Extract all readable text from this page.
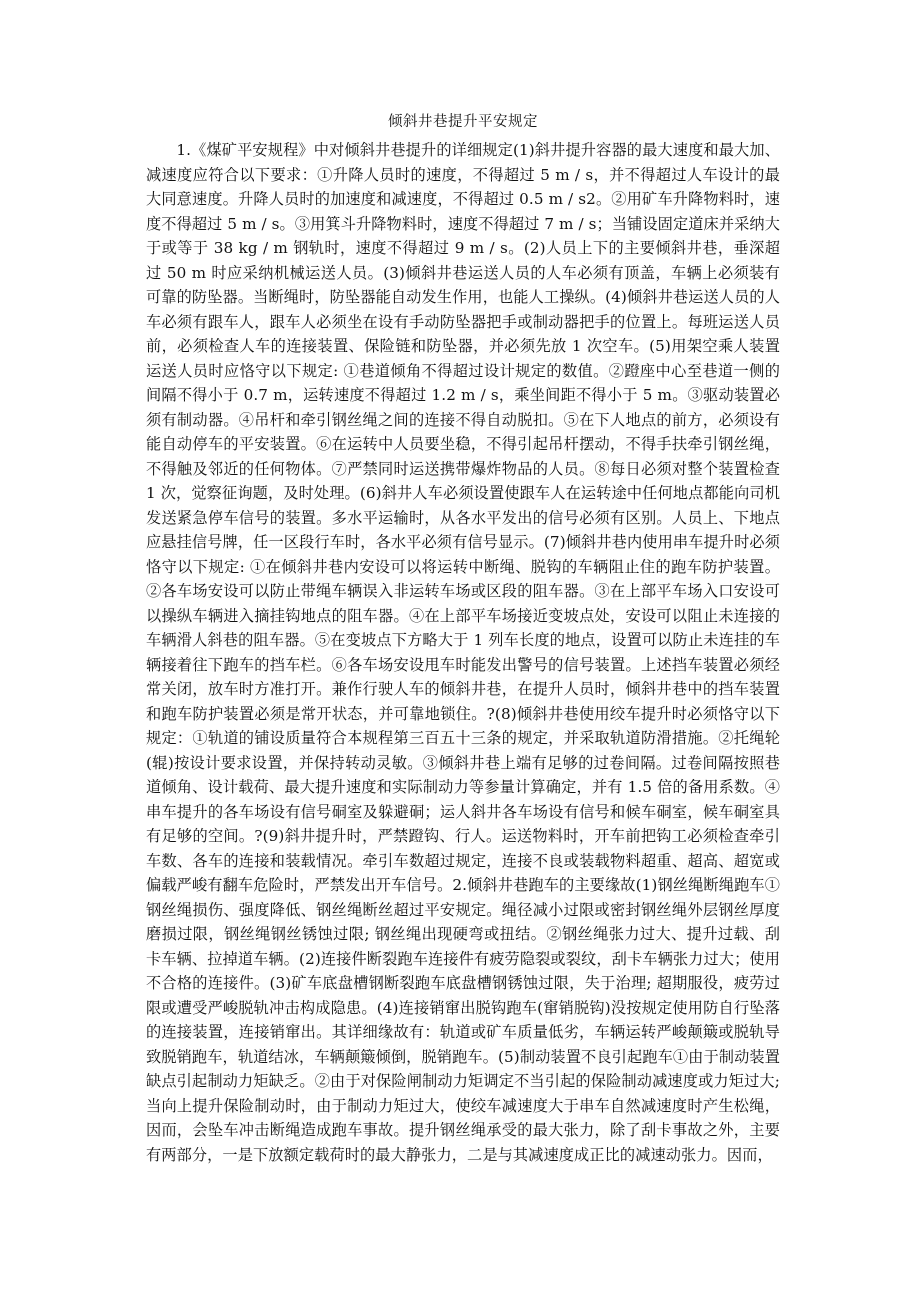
倾斜井巷提升平安规定

1.《煤矿平安规程》中对倾斜井巷提升的详细规定(1)斜井提升容器的最大速度和最大加、减速度应符合以下要求：①升降人员时的速度，不得超过 5 m / s，并不得超过人车设计的最大同意速度。升降人员时的加速度和减速度，不得超过 0.5 m / s2。②用矿车升降物料时，速度不得超过 5 m / s。③用箕斗升降物料时，速度不得超过 7 m / s；当铺设固定道床并采纳大于或等于 38 kg / m 钢轨时，速度不得超过 9 m / s。(2)人员上下的主要倾斜井巷，垂深超过 50 m 时应采纳机械运送人员。(3)倾斜井巷运送人员的人车必须有顶盖，车辆上必须装有可靠的防坠器。当断绳时，防坠器能自动发生作用，也能人工操纵。(4)倾斜井巷运送人员的人车必须有跟车人，跟车人必须坐在设有手动防坠器把手或制动器把手的位置上。每班运送人员前，必须检查人车的连接装置、保险链和防坠器，并必须先放 1 次空车。(5)用架空乘人装置运送人员时应恪守以下规定: ①巷道倾角不得超过设计规定的数值。②蹬座中心至巷道一侧的间隔不得小于 0.7 m，运转速度不得超过 1.2 m / s，乘坐间距不得小于 5 m。③驱动装置必须有制动器。④吊杆和牵引钢丝绳之间的连接不得自动脱扣。⑤在下人地点的前方，必须设有能自动停车的平安装置。⑥在运转中人员要坐稳，不得引起吊杆摆动，不得手扶牵引钢丝绳，不得触及邻近的任何物体。⑦严禁同时运送携带爆炸物品的人员。⑧每日必须对整个装置检查 1 次，觉察征询题，及时处理。(6)斜井人车必须设置使跟车人在运转途中任何地点都能向司机发送紧急停车信号的装置。多水平运输时，从各水平发出的信号必须有区别。人员上、下地点应悬挂信号牌，任一区段行车时，各水平必须有信号显示。(7)倾斜井巷内使用串车提升时必须恪守以下规定: ①在倾斜井巷内安设可以将运转中断绳、脱钩的车辆阻止住的跑车防护装置。②各车场安设可以防止带绳车辆误入非运转车场或区段的阻车器。③在上部平车场入口安设可以操纵车辆进入摘挂钩地点的阻车器。④在上部平车场接近变坡点处，安设可以阻止未连接的车辆滑人斜巷的阻车器。⑤在变坡点下方略大于 1 列车长度的地点，设置可以防止未连挂的车辆接着往下跑车的挡车栏。⑥各车场安设甩车时能发出警号的信号装置。上述挡车装置必须经常关闭，放车时方准打开。兼作行驶人车的倾斜井巷，在提升人员时，倾斜井巷中的挡车装置和跑车防护装置必须是常开状态，并可靠地锁住。?(8)倾斜井巷使用绞车提升时必须恪守以下规定：①轨道的铺设质量符合本规程第三百五十三条的规定，并采取轨道防滑措施。②托绳轮(辊)按设计要求设置，并保持转动灵敏。③倾斜井巷上端有足够的过卷间隔。过卷间隔按照巷道倾角、设计载荷、最大提升速度和实际制动力等参量计算确定，并有 1.5 倍的备用系数。④串车提升的各车场设有信号硐室及躲避硐；运人斜井各车场设有信号和候车硐室，候车硐室具有足够的空间。?(9)斜井提升时，严禁蹬钩、行人。运送物料时，开车前把钩工必须检查牵引车数、各车的连接和装载情况。牵引车数超过规定，连接不良或装载物料超重、超高、超宽或偏载严峻有翻车危险时，严禁发出开车信号。2.倾斜井巷跑车的主要缘故(1)钢丝绳断绳跑车①钢丝绳损伤、强度降低、钢丝绳断丝超过平安规定。绳径减小过限或密封钢丝绳外层钢丝厚度磨损过限，钢丝绳钢丝锈蚀过限; 钢丝绳出现硬弯或扭结。②钢丝绳张力过大、提升过载、刮卡车辆、拉掉道车辆。(2)连接件断裂跑车连接件有疲劳隐裂或裂纹，刮卡车辆张力过大；使用不合格的连接件。(3)矿车底盘槽钢断裂跑车底盘槽钢锈蚀过限，失于治理; 超期服役，疲劳过限或遭受严峻脱轨冲击构成隐患。(4)连接销窜出脱钩跑车(窜销脱钩)没按规定使用防自行坠落的连接装置，连接销窜出。其详细缘故有：轨道或矿车质量低劣，车辆运转严峻颠簸或脱轨导致脱销跑车，轨道结冰，车辆颠簸倾倒，脱销跑车。(5)制动装置不良引起跑车①由于制动装置缺点引起制动力矩缺乏。②由于对保险闸制动力矩调定不当引起的保险制动减速度或力矩过大; 当向上提升保险制动时，由于制动力矩过大，使绞车减速度大于串车自然减速度时产生松绳，因而，会坠车冲击断绳造成跑车事故。提升钢丝绳承受的最大张力，除了刮卡事故之外，主要有两部分，一是下放额定载荷时的最大静张力，二是与其减速度成正比的减速动张力。因而，
